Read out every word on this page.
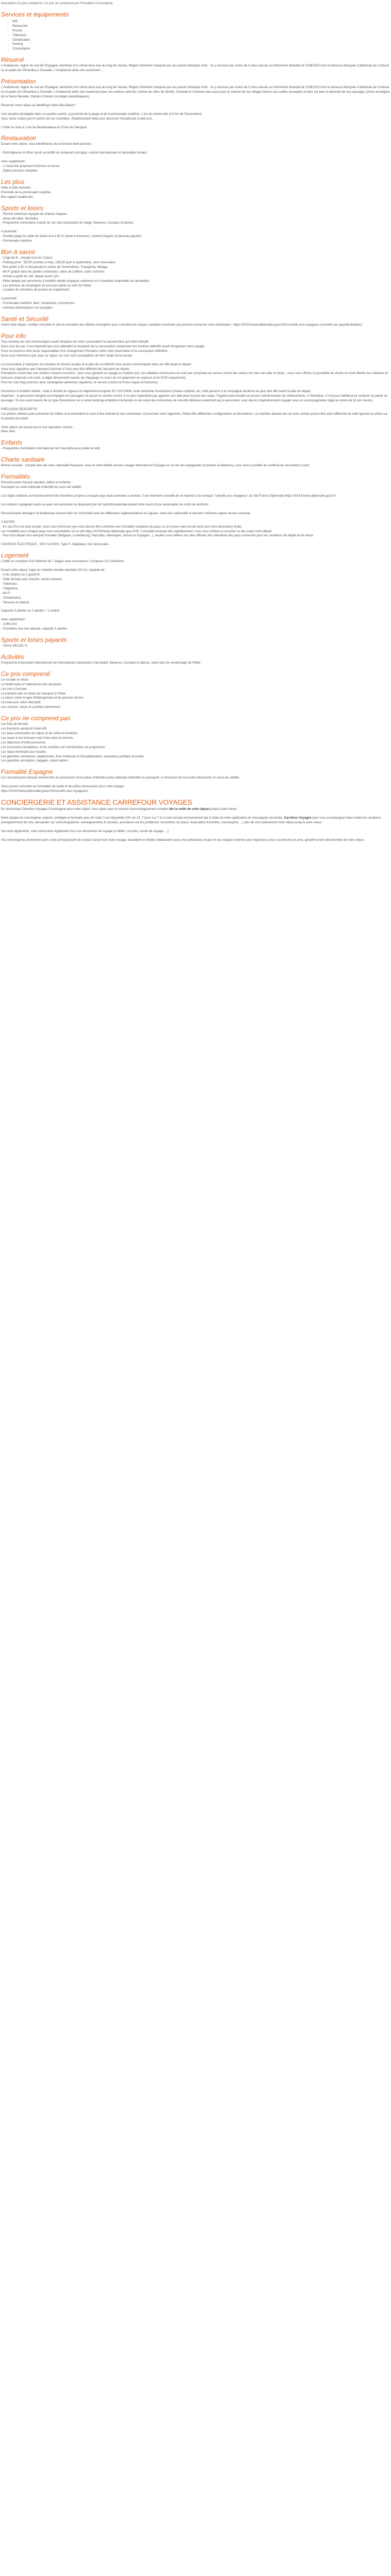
Description Ce prix comprend / Ce prix ne comprend pas Formalités Conciergerie
Services et équipements
• Wifi
• Restaurant
• Piscine
• Télévision
• Climatisation
• Parking
• Conciergerie
Résumé

L'Andalousie, région du sud de l'Espagne, bénéficie d'un climat doux tout au long de l'année. Région fortement marquée par son passé historique riche : on y recense pas moins de 5 sites classés au Patrimoine Mondial de l'UNESCO dont la fameuse Mosquée Cathédrale de Cordoue ou le palais de l'Alhambra à Grenade. L'Andalousie attire non seulement ...

Présentation

L'Andalousie, région du sud de l'Espagne, bénéficie d'un climat doux tout au long de l'année. Région fortement marquée par son passé historique riche : on y recense pas moins de 5 sites classés au Patrimoine Mondial de l'UNESCO dont la fameuse Mosquée Cathédrale de Cordoue ou le palais de l'Alhambra à Grenade. L'Andalousie attire non seulement pour ses centres culturels comme les villes de Séville, Grenade et Cordoue mais aussi pour le charme de ses villages blancs aux ruelles escarpées et bien sûr pour la diversité de ses paysages (cimes enneigées de la Sierra Nevada, champs d'oliviers ou plages paradisiaques).

Réservez votre séjour au MedPlaya Hotel Alba Beach !

Une situation privilégiée dans un quartier animé, à proximité de la plage et de la promenade maritime, 1 km du centre-ville et 5 km de Torremolinos.
Vous serez surpris par le confort de ses chambres. Établissement idéal pour découvrir l'Andalousie à petit prix.

L'hôtel se situe à 1 km de Benalmadena et 13 km de l'aéroport.

Restauration

Durant votre séjour, vous bénéficierez de la formule demi-pension.

- Petit déjeuner et dîner servis au buffet du restaurant principal, cuisine internationale et spécialités locales.

Avec supplément :
- 1 snack-bar proposant boissons et encas.
- Option pension complète.

Les plus
Hôtel à taille humaine
Proximité de la promenade maritime
Bon rapport qualité prix
Sports et loisirs

- Piscine extérieure équipée de chaises longues.
- Jeneu de table, fléchettes.
- Programme d'animation à partir du 1er mai (spectacles de magie, flamenco, musique et danse).

A proximité:
- Grande plage de sable de Santa Ana à 60 m (route à traverser), chaises longues et parasols payants.
- Promenade maritime.

Bon à savoir

- Linge de lit : change tous les 3 jours.
- Parking privé : 5EUR (octobre à mai), 15EUR (juin à septembre), sans réservation.
- Bus public à 50 m desservant le centre de Torremolinos, Fuengirola, Malaga.
- Wi-Fi gratuit dans les parties communes, salon de coiffure, salon commun.
- Arrivée à partir de 14h, départ avant 12h.
- Hôtel adapté aux personnes à mobilité réduite (espaces communs et 4 chambres disponible sur demande).
- Les animaux de compagnie ne sont pas admis au sein de l'hôtel.
- Location de serviettes de piscine en supplément.

A proximité :
- Promenade maritime, bars, restaurants, commerces...
- Animaux domestiques non acceptés.

Santé et Sécurité

Avant votre départ, veuillez consulter le site du ministère des Affaires étrangères pour connaître les risques sanitaires éventuels qui peuvent concerner votre destination : https://XXXX/www.diplomatie.gouv.fr/fr/conseils-aux-voyageurs (conseils par pays/destination)

Pour info

Tous horaires de vols communiqués avant réception de votre convocation ne peuvent être qu'à titre indicatif.
Dans tous les cas, il est impératif que vous attendiez la réception de la convocation comprenant les horaires définitifs avant d'organiser votre voyage.
Nous ne pourrons être tenus responsables d'un changement d'horaires entre votre réservation et la convocation définitive.
Nous vous informons que, pour ce séjour, les vols sont susceptibles de faire l'objet d'une escale.

La convocation à l'aéroport, les horaires en heures locales et le plan de vol définitif vous seront communiqués dans les 48h avant le départ.
Vous vous signalons que l'aéroport d'arrivée à Paris peut être différent de l'aéroport de départ.
Prestations à bord des vols charters moyens-courriers : pour vous garantir un voyage au meilleur prix, les collations et boissons ne sont pas comprises au service à bord des avions lors des vols aller et retour ; nous vous offrons la possibilité de choisir en toute liberté vos collations et boissons proposés à la carte, à régler directement auprès de l'équipage ou cours du vol (paiement en espèces et en EUR uniquement)
Pour les vols long-courriers avec compagnies aériennes régulières, le service à bord est inclus (repas et boissons).

Personnes à mobilité réduite : suite à l'entrée en vigueur du règlement européen EU 1107/2006, toute demande d'assistance (chaise roulante, etc.) doit parvenir à la compagnie aérienne au plus tard 48h avant la date de départ.
Important : le personnel navigant accompagne les passagers et assure le service à bord. Il ne peut cependant pas apporter son aide pour la prise des repas, l'hygiène personnelle ou encore l'administration de médicaments. À l'identique, il n'est pas habilité pour soulever ou porter un passager. Si vous avez besoin de ce type d'assistance ou si votre handicap empêche d'entendre ou de suivre les instructions de sécurité délivrées oralement par le personnel, vous devrez impérativement voyager avec un accompagnateur (âgé au moins de 16 ans révolu).

PRÉCISION DESCRIPTIF
Les photos utilisées pour présenter les hôtels et la destination le sont à titre indicatif et non-contractuel. Concernant votre logement, l'hôtel offre différentes configurations et décorations. La chambre allouée lors de votre arrivée pourra être ainsi différente de celle figurant en photo sur le présent descriptif.

Votre séjour est assuré par le tour opérateur suivant :
Plein Vent

Enfants

- Programme d'animation international non francophone en juillet et août.

Charte sanitaire

Bonne nouvelle : Compte tenu de votre nationalité française, vous et votre famille pouvez voyager librement en Espagne et sur les îles espagnoles (Canaries et Baléares), sans avoir à justifier de certificat de vaccination Covid.

Formalités

Ressortissants français (adultes, bébés et enfants) :
Passeport ou carte nationale d'identité en cours de validité.

Les règles relatives au franchissement des frontières propres à chaque pays étant amenées à évoluer, il est vivement conseillé de se reporter à la rubrique "conseils aux voyageurs" du site France Diplomatie.https://XXXX/www.diplomatie.gouv.fr/

Les mineurs voyageant seuls ou avec une personne ne disposant pas de l'autorité parentale doivent être munis d'une autorisation de sortie de territoire.

Ressortissants étrangers et binationaux devront être en conformité avec les différentes réglementations en vigueur, selon leur nationalité et devront s'informer auprès de leur consulat.

A NOTER
- En cas d'un vol avec escale, nous vous informons que vous devrez être conforme aux formalités sanitaires du pays où se trouve votre escale ainsi que votre destination finale.
Les modalités pour chaque pays sont consultables sur le site https://XXXX/www.diplomatie.gouv.fr/fr/. L'actualité évoluant très régulièrement, nous vous invitons à consulter ce lien avant votre départ.
- Pour tout départ d'un aéroport frontalier (Belgique, Luxembourg, Pays-Bas, Allemagne, Suisse ou Espagne...), veuillez vous référer aux sites officiels des ministères des pays concernés pour les conditions de départ et de retour.

COURANT ÉLECTRIQUE : 230 V et 50Hz. Type F. Adaptateur non nécessaire.

Logement

L'hôtel se compose d'un bâtiment de 7 étages avec ascenseurs. Il propose 210 chambres.

Durant votre séjour, logez en chambre double standard (23 m²), équipée de :
- 2 lits simples ou 1 grand lit.
- Salle de bain avec douche, sèche-cheveux.
- Télévision.
- Téléphone.
- Wi-Fi.
- Climatisation.
- Terrasse ou balcon.

Capacité 3 adultes ou 2 adultes + 1 enfant.

Avec supplément :
- Coffre-fort.
- Chambres vue mer latérale, capacité 2 adultes.

Sports et loisirs payants

- Tennis SELON, N.

Activités

Programme d'animation international non francophone (spectacles d'acrobatie, flamenco, musique et danse), selon taux de remplissage de l'hôtel.

Ce prix comprend
Le vol aller et retour.
Le forfait taxes et redevances des aéroports.
Les vols à l'arrivée.
Le transfert aller et retour de l'aéroport à l'hôtel.
Le séjour selon le type d'hébergement et de pension choisis.
Les boissons selon descriptif.
Les services, loisirs et activités mentionnés.
Ce prix ne comprend pas
Les frais de dossier.
Les transferts aéroport/ hôtel A/R.
Les taxes éventuelles de séjour et de sortie du territoire.
Les repas et les boissons non inclus dans la formule.
Les dépenses d'ordre personnel.
Les excursions facultatives, et les activités non mentionnées au programme.
Les repas éventuels aux escales.
Les garanties assistance, rapatriement, frais médicaux et d'hospitalisation, assistance juridique et privée.
Les garanties annulation, bagages, retard aérien.
Formalité Espagne

Les ressortissants français doivent être en possession d'une pièce d'identité (carte nationale d'identité ou passeport, à l'exclusion de tout autre document) en cours de validité.

Vous pouvez consulter les formalités de santé et de police nécessaires pour votre voyage :
https://XXXX/www.diplomatie.gouv.fr/fr/conseils-aux-voyageurs/

CONCIERGERIE ET ASSISTANCE CARREFOUR VOYAGES

En choisissant Carrefour Voyages Conciergerie pour votre séjour, vous optez pour un service d'accompagnement complet dès la veille de votre départ jusqu'à votre retour.

Notre équipe de conciergerie, experte, protégée et humaine (pas de robot !) est disponible 24h sur 24, 7 jours sur 7 et à votre écoute exclusivement par le biais de notre application de messagerie sécurisée, Carrefour Voyages pour vous accompagner dans toutes les situations (enregistrement de vols, demandes sur votre programme, renseignements & conseils, assistance sur les problèmes rencontrés sur place, réservation d'activités, conciergerie, ...) afin de vivre pleinement votre séjour jusqu'à votre retour.

Via notre application, vous retrouverez également tous vos documents de voyage (e-billets, voucher, carnet de voyage, ...)

Vos conciergeries deviennent alors votre principal point de contact durant tout votre voyage, travaillant en étroite collaboration avec nos partenaires locaux et nos équipes internes pour répondre à tous vos besoins et ainsi, garantir le bon déroulement de votre séjour.
